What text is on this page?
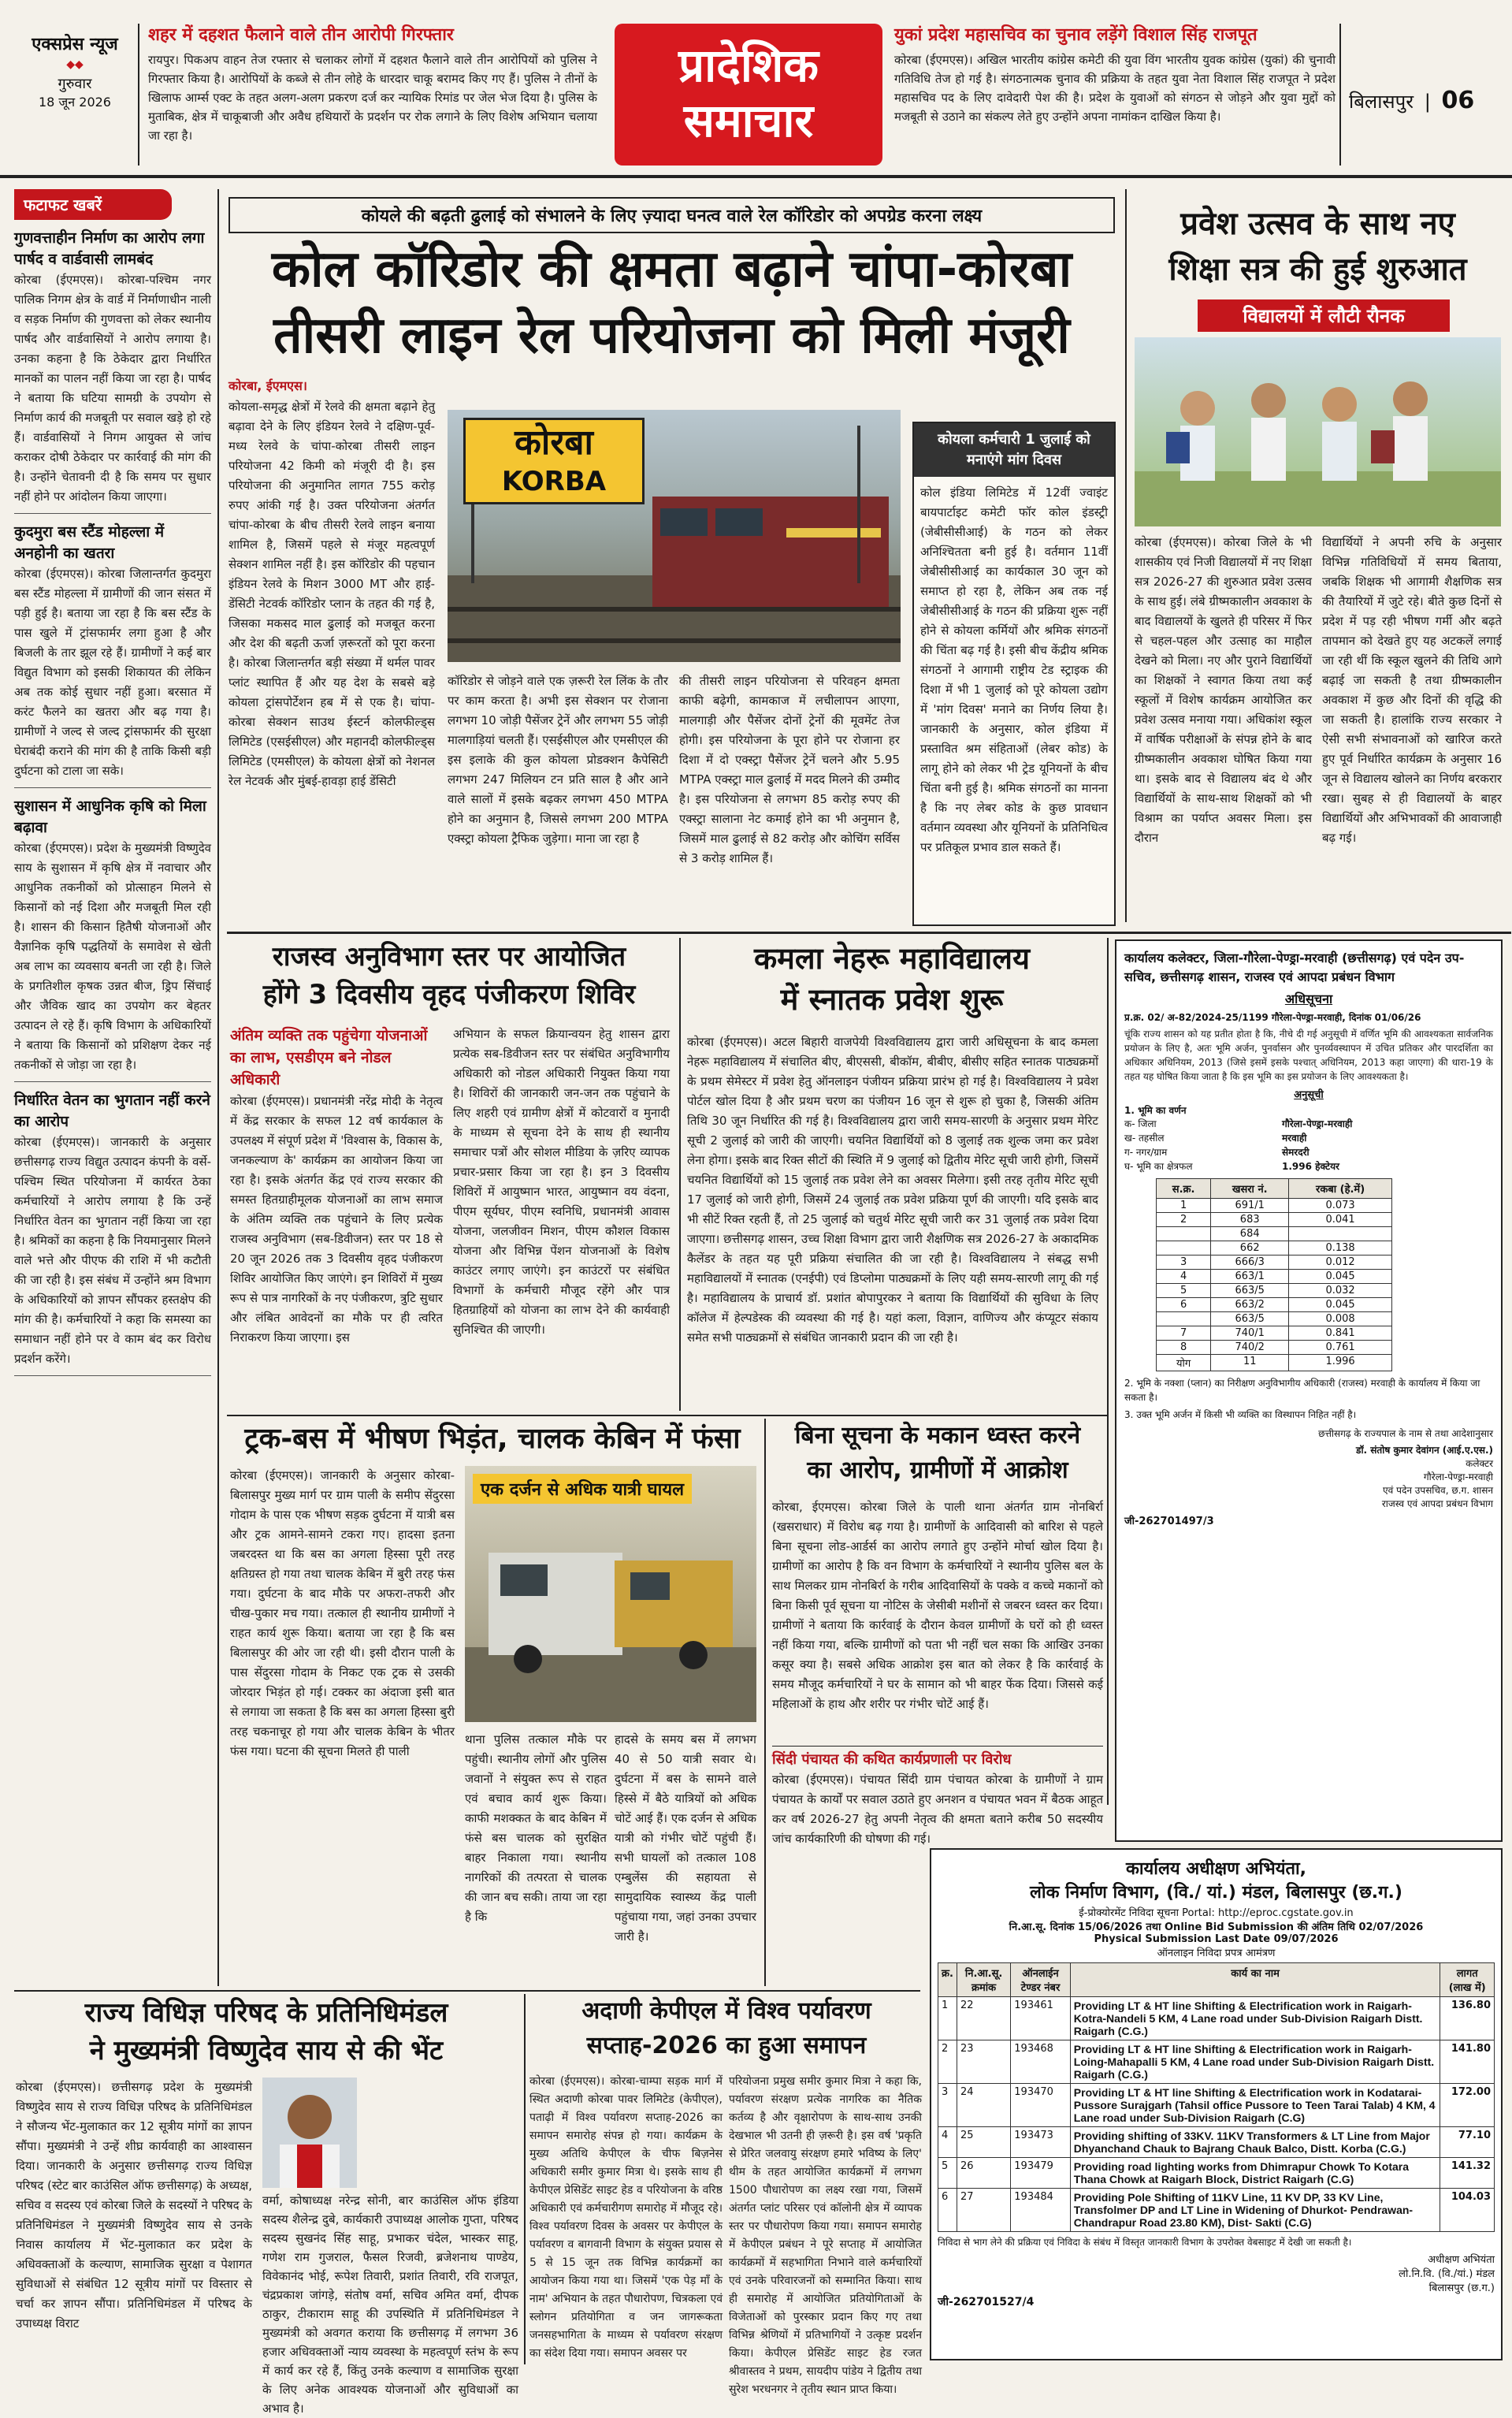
एक्सप्रेस न्यूज
◆◆
गुरुवार
18 जून 2026
शहर में दहशत फैलाने वाले तीन आरोपी गिरफ्तार
रायपुर। पिकअप वाहन तेज रफ्तार से चलाकर लोगों में दहशत फैलाने वाले तीन आरोपियों को पुलिस ने गिरफ्तार किया है। आरोपियों के कब्जे से तीन लोहे के धारदार चाकू बरामद किए गए हैं। पुलिस ने तीनों के खिलाफ आर्म्स एक्ट के तहत अलग-अलग प्रकरण दर्ज कर न्यायिक रिमांड पर जेल भेज दिया है। पुलिस के मुताबिक, क्षेत्र में चाकूबाजी और अवैध हथियारों के प्रदर्शन पर रोक लगाने के लिए विशेष अभियान चलाया जा रहा है।
प्रादेशिक
समाचार
युकां प्रदेश महासचिव का चुनाव लड़ेंगे विशाल सिंह राजपूत
कोरबा (ईएमएस)। अखिल भारतीय कांग्रेस कमेटी की युवा विंग भारतीय युवक कांग्रेस (युकां) की चुनावी गतिविधि तेज हो गई है। संगठनात्मक चुनाव की प्रक्रिया के तहत युवा नेता विशाल सिंह राजपूत ने प्रदेश महासचिव पद के लिए दावेदारी पेश की है। प्रदेश के युवाओं को संगठन से जोड़ने और युवा मुद्दों को मजबूती से उठाने का संकल्प लेते हुए उन्होंने अपना नामांकन दाखिल किया है।
बिलासपुर | 06
फटाफट खबरें
गुणवत्ताहीन निर्माण का आरोप लगा पार्षद व वार्डवासी लामबंद
कोरबा (ईएमएस)। कोरबा-पश्चिम नगर पालिक निगम क्षेत्र के वार्ड में निर्माणाधीन नाली व सड़क निर्माण की गुणवत्ता को लेकर स्थानीय पार्षद और वार्डवासियों ने आरोप लगाया है। उनका कहना है कि ठेकेदार द्वारा निर्धारित मानकों का पालन नहीं किया जा रहा है। पार्षद ने बताया कि घटिया सामग्री के उपयोग से निर्माण कार्य की मजबूती पर सवाल खड़े हो रहे हैं। वार्डवासियों ने निगम आयुक्त से जांच कराकर दोषी ठेकेदार पर कार्रवाई की मांग की है। उन्होंने चेतावनी दी है कि समय पर सुधार नहीं होने पर आंदोलन किया जाएगा।
कुदमुरा बस स्टैंड मोहल्ला में अनहोनी का खतरा
कोरबा (ईएमएस)। कोरबा जिलान्तर्गत कुदमुरा बस स्टैंड मोहल्ला में ग्रामीणों की जान संसत में पड़ी हुई है। बताया जा रहा है कि बस स्टैंड के पास खुले में ट्रांसफार्मर लगा हुआ है और बिजली के तार झूल रहे हैं। ग्रामीणों ने कई बार विद्युत विभाग को इसकी शिकायत की लेकिन अब तक कोई सुधार नहीं हुआ। बरसात में करंट फैलने का खतरा और बढ़ गया है। ग्रामीणों ने जल्द से जल्द ट्रांसफार्मर की सुरक्षा घेराबंदी कराने की मांग की है ताकि किसी बड़ी दुर्घटना को टाला जा सके।
सुशासन में आधुनिक कृषि को मिला बढ़ावा
कोरबा (ईएमएस)। प्रदेश के मुख्यमंत्री विष्णुदेव साय के सुशासन में कृषि क्षेत्र में नवाचार और आधुनिक तकनीकों को प्रोत्साहन मिलने से किसानों को नई दिशा और मजबूती मिल रही है। शासन की किसान हितैषी योजनाओं और वैज्ञानिक कृषि पद्धतियों के समावेश से खेती अब लाभ का व्यवसाय बनती जा रही है। जिले के प्रगतिशील कृषक उन्नत बीज, ड्रिप सिंचाई और जैविक खाद का उपयोग कर बेहतर उत्पादन ले रहे हैं। कृषि विभाग के अधिकारियों ने बताया कि किसानों को प्रशिक्षण देकर नई तकनीकों से जोड़ा जा रहा है।
निर्धारित वेतन का भुगतान नहीं करने का आरोप
कोरबा (ईएमएस)। जानकारी के अनुसार छत्तीसगढ़ राज्य विद्युत उत्पादन कंपनी के वर्से-पश्चिम स्थित परियोजना में कार्यरत ठेका कर्मचारियों ने आरोप लगाया है कि उन्हें निर्धारित वेतन का भुगतान नहीं किया जा रहा है। श्रमिकों का कहना है कि नियमानुसार मिलने वाले भत्ते और पीएफ की राशि में भी कटौती की जा रही है। इस संबंध में उन्होंने श्रम विभाग के अधिकारियों को ज्ञापन सौंपकर हस्तक्षेप की मांग की है। कर्मचारियों ने कहा कि समस्या का समाधान नहीं होने पर वे काम बंद कर विरोध प्रदर्शन करेंगे।
कोयले की बढ़ती ढुलाई को संभालने के लिए ज़्यादा घनत्व वाले रेल कॉरिडोर को अपग्रेड करना लक्ष्य
कोल कॉरिडोर की क्षमता बढ़ाने चांपा-कोरबा
तीसरी लाइन रेल परियोजना को मिली मंजूरी
कोरबा, ईएमएस।
कोयला-समृद्ध क्षेत्रों में रेलवे की क्षमता बढ़ाने हेतु बढ़ावा देने के लिए इंडियन रेलवे ने दक्षिण-पूर्व-मध्य रेलवे के चांपा-कोरबा तीसरी लाइन परियोजना 42 किमी को मंजूरी दी है। इस परियोजना की अनुमानित लागत 755 करोड़ रुपए आंकी गई है। उक्त परियोजना अंतर्गत चांपा-कोरबा के बीच तीसरी रेलवे लाइन बनाया शामिल है, जिसमें पहले से मंजूर महत्वपूर्ण सेक्शन शामिल नहीं है। इस कॉरिडोर की पहचान इंडियन रेलवे के मिशन 3000 MT और हाई-डेंसिटी नेटवर्क कॉरिडोर प्लान के तहत की गई है, जिसका मकसद माल ढुलाई को मजबूत करना और देश की बढ़ती ऊर्जा ज़रूरतों को पूरा करना है। कोरबा जिलान्तर्गत बड़ी संख्या में थर्मल पावर प्लांट स्थापित हैं और यह देश के सबसे बड़े कोयला ट्रांसपोर्टेशन हब में से एक है। चांपा-कोरबा सेक्शन साउथ ईस्टर्न कोलफील्ड्स लिमिटेड (एसईसीएल) और महानदी कोलफील्ड्स लिमिटेड (एमसीएल) के कोयला क्षेत्रों को नेशनल रेल नेटवर्क और मुंबई-हावड़ा हाई डेंसिटी
कोरबा
KORBA
कॉरिडोर से जोड़ने वाले एक ज़रूरी रेल लिंक के तौर पर काम करता है। अभी इस सेक्शन पर रोजाना लगभग 10 जोड़ी पैसेंजर ट्रेनें और लगभग 55 जोड़ी मालगाड़ियां चलती हैं। एसईसीएल और एमसीएल की इस इलाके की कुल कोयला प्रोडक्शन कैपेसिटी लगभग 247 मिलियन टन प्रति साल है और आने वाले सालों में इसके बढ़कर लगभग 450 MTPA होने का अनुमान है, जिससे लगभग 200 MTPA एक्स्ट्रा कोयला ट्रैफिक जुड़ेगा। माना जा रहा है
की तीसरी लाइन परियोजना से परिवहन क्षमता काफी बढ़ेगी, कामकाज में लचीलापन आएगा, मालगाड़ी और पैसेंजर दोनों ट्रेनों की मूवमेंट तेज होगी। इस परियोजना के पूरा होने पर रोजाना हर दिशा में दो एक्स्ट्रा पैसेंजर ट्रेनें चलने और 5.95 MTPA एक्स्ट्रा माल ढुलाई में मदद मिलने की उम्मीद है। इस परियोजना से लगभग 85 करोड़ रुपए की एक्स्ट्रा सालाना नेट कमाई होने का भी अनुमान है, जिसमें माल ढुलाई से 82 करोड़ और कोचिंग सर्विस से 3 करोड़ शामिल हैं।
कोयला कर्मचारी 1 जुलाई को मनाएंगे मांग दिवस
कोल इंडिया लिमिटेड में 12वीं ज्वाइंट बायपार्टाइट कमेटी फॉर कोल इंडस्ट्री (जेबीसीसीआई) के गठन को लेकर अनिश्चितता बनी हुई है। वर्तमान 11वीं जेबीसीसीआई का कार्यकाल 30 जून को समाप्त हो रहा है, लेकिन अब तक नई जेबीसीसीआई के गठन की प्रक्रिया शुरू नहीं होने से कोयला कर्मियों और श्रमिक संगठनों की चिंता बढ़ गई है। इसी बीच केंद्रीय श्रमिक संगठनों ने आगामी राष्ट्रीय टेड स्ट्राइक की दिशा में भी 1 जुलाई को पूरे कोयला उद्योग में 'मांग दिवस' मनाने का निर्णय लिया है। जानकारी के अनुसार, कोल इंडिया में प्रस्तावित श्रम संहिताओं (लेबर कोड) के लागू होने को लेकर भी ट्रेड यूनियनों के बीच चिंता बनी हुई है। श्रमिक संगठनों का मानना है कि नए लेबर कोड के कुछ प्रावधान वर्तमान व्यवस्था और यूनियनों के प्रतिनिधित्व पर प्रतिकूल प्रभाव डाल सकते हैं।
प्रवेश उत्सव के साथ नए
शिक्षा सत्र की हुई शुरुआत
विद्यालयों में लौटी रौनक
कोरबा (ईएमएस)। कोरबा जिले के भी शासकीय एवं निजी विद्यालयों में नए शिक्षा सत्र 2026-27 की शुरुआत प्रवेश उत्सव के साथ हुई। लंबे ग्रीष्मकालीन अवकाश के बाद विद्यालयों के खुलते ही परिसर में फिर से चहल-पहल और उत्साह का माहौल देखने को मिला। नए और पुराने विद्यार्थियों का शिक्षकों ने स्वागत किया तथा कई स्कूलों में विशेष कार्यक्रम आयोजित कर प्रवेश उत्सव मनाया गया। अधिकांश स्कूल में वार्षिक परीक्षाओं के संपन्न होने के बाद ग्रीष्मकालीन अवकाश घोषित किया गया था। इसके बाद से विद्यालय बंद थे और विद्यार्थियों के साथ-साथ शिक्षकों को भी विश्राम का पर्याप्त अवसर मिला। इस दौरान
विद्यार्थियों ने अपनी रुचि के अनुसार विभिन्न गतिविधियों में समय बिताया, जबकि शिक्षक भी आगामी शैक्षणिक सत्र की तैयारियों में जुटे रहे। बीते कुछ दिनों से प्रदेश में पड़ रही भीषण गर्मी और बढ़ते तापमान को देखते हुए यह अटकलें लगाई जा रही थीं कि स्कूल खुलने की तिथि आगे बढ़ाई जा सकती है तथा ग्रीष्मकालीन अवकाश में कुछ और दिनों की वृद्धि की जा सकती है। हालांकि राज्य सरकार ने ऐसी सभी संभावनाओं को खारिज करते हुए पूर्व निर्धारित कार्यक्रम के अनुसार 16 जून से विद्यालय खोलने का निर्णय बरकरार रखा। सुबह से ही विद्यालयों के बाहर विद्यार्थियों और अभिभावकों की आवाजाही बढ़ गई।
राजस्व अनुविभाग स्तर पर आयोजित
होंगे 3 दिवसीय वृहद पंजीकरण शिविर
अंतिम व्यक्ति तक पहुंचेगा योजनाओं का लाभ, एसडीएम बने नोडल अधिकारी
कोरबा (ईएमएस)। प्रधानमंत्री नरेंद्र मोदी के नेतृत्व में केंद्र सरकार के सफल 12 वर्ष कार्यकाल के उपलक्ष्य में संपूर्ण प्रदेश में 'विश्वास के, विकास के, जनकल्याण के' कार्यक्रम का आयोजन किया जा रहा है। इसके अंतर्गत केंद्र एवं राज्य सरकार की समस्त हितग्राहीमूलक योजनाओं का लाभ समाज के अंतिम व्यक्ति तक पहुंचाने के लिए प्रत्येक राजस्व अनुविभाग (सब-डिवीजन) स्तर पर 18 से 20 जून 2026 तक 3 दिवसीय वृहद पंजीकरण शिविर आयोजित किए जाएंगे। इन शिविरों में मुख्य रूप से पात्र नागरिकों के नए पंजीकरण, त्रुटि सुधार और लंबित आवेदनों का मौके पर ही त्वरित निराकरण किया जाएगा। इस
अभियान के सफल क्रियान्वयन हेतु शासन द्वारा प्रत्येक सब-डिवीजन स्तर पर संबंधित अनुविभागीय अधिकारी को नोडल अधिकारी नियुक्त किया गया है। शिविरों की जानकारी जन-जन तक पहुंचाने के लिए शहरी एवं ग्रामीण क्षेत्रों में कोटवारों व मुनादी के माध्यम से सूचना देने के साथ ही स्थानीय समाचार पत्रों और सोशल मीडिया के ज़रिए व्यापक प्रचार-प्रसार किया जा रहा है। इन 3 दिवसीय शिविरों में आयुष्मान भारत, आयुष्मान वय वंदना, पीएम सूर्यघर, पीएम स्वनिधि, प्रधानमंत्री आवास योजना, जलजीवन मिशन, पीएम कौशल विकास योजना और विभिन्न पेंशन योजनाओं के विशेष काउंटर लगाए जाएंगे। इन काउंटरों पर संबंधित विभागों के कर्मचारी मौजूद रहेंगे और पात्र हितग्राहियों को योजना का लाभ देने की कार्यवाही सुनिश्चित की जाएगी।
कमला नेहरू महाविद्यालय
में स्नातक प्रवेश शुरू
कोरबा (ईएमएस)। अटल बिहारी वाजपेयी विश्वविद्यालय द्वारा जारी अधिसूचना के बाद कमला नेहरू महाविद्यालय में संचालित बीए, बीएससी, बीकॉम, बीबीए, बीसीए सहित स्नातक पाठ्यक्रमों के प्रथम सेमेस्टर में प्रवेश हेतु ऑनलाइन पंजीयन प्रक्रिया प्रारंभ हो गई है। विश्वविद्यालय ने प्रवेश पोर्टल खोल दिया है और प्रथम चरण का पंजीयन 16 जून से शुरू हो चुका है, जिसकी अंतिम तिथि 30 जून निर्धारित की गई है। विश्वविद्यालय द्वारा जारी समय-सारणी के अनुसार प्रथम मेरिट सूची 2 जुलाई को जारी की जाएगी। चयनित विद्यार्थियों को 8 जुलाई तक शुल्क जमा कर प्रवेश लेना होगा। इसके बाद रिक्त सीटों की स्थिति में 9 जुलाई को द्वितीय मेरिट सूची जारी होगी, जिसमें चयनित विद्यार्थियों को 15 जुलाई तक प्रवेश लेने का अवसर मिलेगा। इसी तरह तृतीय मेरिट सूची 17 जुलाई को जारी होगी, जिसमें 24 जुलाई तक प्रवेश प्रक्रिया पूर्ण की जाएगी। यदि इसके बाद भी सीटें रिक्त रहती हैं, तो 25 जुलाई को चतुर्थ मेरिट सूची जारी कर 31 जुलाई तक प्रवेश दिया जाएगा। छत्तीसगढ़ शासन, उच्च शिक्षा विभाग द्वारा जारी शैक्षणिक सत्र 2026-27 के अकादमिक कैलेंडर के तहत यह पूरी प्रक्रिया संचालित की जा रही है। विश्वविद्यालय ने संबद्ध सभी महाविद्यालयों में स्नातक (एनईपी) एवं डिप्लोमा पाठ्यक्रमों के लिए यही समय-सारणी लागू की गई है। महाविद्यालय के प्राचार्य डॉ. प्रशांत बोपापुरकर ने बताया कि विद्यार्थियों की सुविधा के लिए कॉलेज में हेल्पडेस्क की व्यवस्था की गई है। यहां कला, विज्ञान, वाणिज्य और कंप्यूटर संकाय समेत सभी पाठ्यक्रमों से संबंधित जानकारी प्रदान की जा रही है।
कार्यालय कलेक्टर, जिला-गौरेला-पेण्ड्रा-मरवाही (छत्तीसगढ़) एवं पदेन उप-सचिव, छत्तीसगढ़ शासन, राजस्व एवं आपदा प्रबंधन विभाग
अधिसूचना
प्र.क्र. 02/ अ-82/2024-25/1199 गौरेला-पेण्ड्रा-मरवाही, दिनांक 01/06/26
चूंकि राज्य शासन को यह प्रतीत होता है कि, नीचे दी गई अनुसूची में वर्णित भूमि की आवश्यकता सार्वजनिक प्रयोजन के लिए है, अतः भूमि अर्जन, पुनर्वासन और पुनर्व्यवस्थापन में उचित प्रतिकर और पारदर्शिता का अधिकार अधिनियम, 2013 (जिसे इसमें इसके पश्चात् अधिनियम, 2013 कहा जाएगा) की धारा-19 के तहत यह घोषित किया जाता है कि इस भूमि का इस प्रयोजन के लिए आवश्यकता है।
अनुसूची
1. भूमि का वर्णन
क- जिला	गौरेला-पेण्ड्रा-मरवाही
ख- तहसील	मरवाही
ग- नगर/ग्राम	सेमरदरी
घ- भूमि का क्षेत्रफल	1.996 हेक्टेयर
स.क्र.	खसरा नं.	रकबा (हे.में)
1	691/1	0.073
2	683	0.041
	684	
	662	0.138
3	666/3	0.012
4	663/1	0.045
5	663/5	0.032
6	663/2	0.045
	663/5	0.008
7	740/1	0.841
8	740/2	0.761
योग	11	1.996
2. भूमि के नक्शा (प्लान) का निरीक्षण अनुविभागीय अधिकारी (राजस्व) मरवाही के कार्यालय में किया जा सकता है।
3. उक्त भूमि अर्जन में किसी भी व्यक्ति का विस्थापन निहित नहीं है।
छत्तीसगढ़ के राज्यपाल के नाम से तथा आदेशानुसार
डॉ. संतोष कुमार देवांगन (आई.ए.एस.)
कलेक्टर
गौरेला-पेण्ड्रा-मरवाही
एवं पदेन उपसचिव, छ.ग. शासन
राजस्व एवं आपदा प्रबंधन विभाग
जी-262701497/3
ट्रक-बस में भीषण भिड़ंत, चालक केबिन में फंसा
कोरबा (ईएमएस)। जानकारी के अनुसार कोरबा-बिलासपुर मुख्य मार्ग पर ग्राम पाली के समीप सेंदुरसा गोदाम के पास एक भीषण सड़क दुर्घटना में यात्री बस और ट्रक आमने-सामने टकरा गए। हादसा इतना जबरदस्त था कि बस का अगला हिस्सा पूरी तरह क्षतिग्रस्त हो गया तथा चालक केबिन में बुरी तरह फंस गया। दुर्घटना के बाद मौके पर अफरा-तफरी और चीख-पुकार मच गया। तत्काल ही स्थानीय ग्रामीणों ने राहत कार्य शुरू किया। बताया जा रहा है कि बस बिलासपुर की ओर जा रही थी। इसी दौरान पाली के पास सेंदुरसा गोदाम के निकट एक ट्रक से उसकी जोरदार भिड़ंत हो गई। टक्कर का अंदाजा इसी बात से लगाया जा सकता है कि बस का अगला हिस्सा बुरी तरह चकनाचूर हो गया और चालक केबिन के भीतर फंस गया। घटना की सूचना मिलते ही पाली
एक दर्जन से अधिक यात्री घायल
थाना पुलिस तत्काल मौके पर पहुंची। स्थानीय लोगों और पुलिस जवानों ने संयुक्त रूप से राहत एवं बचाव कार्य शुरू किया। काफी मशक्कत के बाद केबिन में फंसे बस चालक को सुरक्षित बाहर निकाला गया। स्थानीय नागरिकों की तत्परता से चालक की जान बच सकी। ताया जा रहा है कि
हादसे के समय बस में लगभग 40 से 50 यात्री सवार थे। दुर्घटना में बस के सामने वाले हिस्से में बैठे यात्रियों को अधिक चोटें आई हैं। एक दर्जन से अधिक यात्री को गंभीर चोटें पहुंची हैं। सभी घायलों को तत्काल 108 एम्बुलेंस की सहायता से सामुदायिक स्वास्थ्य केंद्र पाली पहुंचाया गया, जहां उनका उपचार जारी है।
बिना सूचना के मकान ध्वस्त करने
का आरोप, ग्रामीणों में आक्रोश
कोरबा, ईएमएस। कोरबा जिले के पाली थाना अंतर्गत ग्राम नोनबिर्रा (खसराधार) में विरोध बढ़ गया है। ग्रामीणों के आदिवासी को बारिश से पहले बिना सूचना लोड-आर्डर्स का आरोप लगाते हुए उन्होंने मोर्चा खोल दिया है। ग्रामीणों का आरोप है कि वन विभाग के कर्मचारियों ने स्थानीय पुलिस बल के साथ मिलकर ग्राम नोनबिर्रा के गरीब आदिवासियों के पक्के व कच्चे मकानों को बिना किसी पूर्व सूचना या नोटिस के जेसीबी मशीनों से जबरन ध्वस्त कर दिया। ग्रामीणों ने बताया कि कार्रवाई के दौरान केवल ग्रामीणों के घरों को ही ध्वस्त नहीं किया गया, बल्कि ग्रामीणों को पता भी नहीं चल सका कि आखिर उनका कसूर क्या है। सबसे अधिक आक्रोश इस बात को लेकर है कि कार्रवाई के समय मौजूद कर्मचारियों ने घर के सामान को भी बाहर फेंक दिया। जिससे कई महिलाओं के हाथ और शरीर पर गंभीर चोटें आई हैं।
सिंदी पंचायत की कथित कार्यप्रणाली पर विरोध
कोरबा (ईएमएस)। पंचायत सिंदी ग्राम पंचायत कोरबा के ग्रामीणों ने ग्राम पंचायत के कार्यों पर सवाल उठाते हुए अनशन व पंचायत भवन में बैठक आहूत कर वर्ष 2026-27 हेतु अपनी नेतृत्व की क्षमता बताने करीब 50 सदस्यीय जांच कार्यकारिणी की घोषणा की गई।
कार्यालय अधीक्षण अभियंता,
लोक निर्माण विभाग, (वि./ यां.) मंडल, बिलासपुर (छ.ग.)
ई-प्रोक्योरमेंट निविदा सूचना Portal: http://eproc.cgstate.gov.in
नि.आ.सू. दिनांक 15/06/2026 तथा Online Bid Submission की अंतिम तिथि 02/07/2026
Physical Submission Last Date 09/07/2026
ऑनलाइन निविदा प्रपत्र आमंत्रण
क्र.	नि.आ.सू. क्रमांक	ऑनलाईन टेण्डर नंबर	कार्य का नाम	लागत (लाख में)
1	22	193461	Providing LT & HT line Shifting & Electrification work in Raigarh-Kotra-Nandeli 5 KM, 4 Lane road under Sub-Division Raigarh Distt. Raigarh (C.G.)	136.80
2	23	193468	Providing LT & HT line Shifting & Electrification work in Raigarh-Loing-Mahapalli 5 KM, 4 Lane road under Sub-Division Raigarh Distt. Raigarh (C.G.)	141.80
3	24	193470	Providing LT & HT line Shifting & Electrification work in Kodatarai-Pussore Surajgarh (Tahsil office Pussore to Teen Tarai Talab) 4 KM, 4 Lane road under Sub-Division Raigarh (C.G)	172.00
4	25	193473	Providing shifting of 33KV. 11KV Transformers & LT Line from Major Dhyanchand Chauk to Bajrang Chauk Balco, Distt. Korba (C.G.)	77.10
5	26	193479	Providing road lighting works from Dhimrapur Chowk To Kotara Thana Chowk at Raigarh Block, District Raigarh (C.G)	141.32
6	27	193484	Providing Pole Shifting of 11KV Line, 11 KV DP, 33 KV Line, Transfolmer DP and LT Line in Widening of Dhurkot- Pendrawan-Chandrapur Road 23.80 KM), Dist- Sakti (C.G)	104.03
निविदा से भाग लेने की प्रक्रिया एवं निविदा के संबंध में विस्तृत जानकारी विभाग के उपरोक्त वेबसाइट में देखी जा सकती है।
अधीक्षण अभियंता
लो.नि.वि. (वि./यां.) मंडल
बिलासपुर (छ.ग.)
जी-262701527/4
राज्य विधिज्ञ परिषद के प्रतिनिधिमंडल
ने मुख्यमंत्री विष्णुदेव साय से की भेंट
कोरबा (ईएमएस)। छत्तीसगढ़ प्रदेश के मुख्यमंत्री विष्णुदेव साय से राज्य विधिज्ञ परिषद के प्रतिनिधिमंडल ने सौजन्य भेंट-मुलाकात कर 12 सूत्रीय मांगों का ज्ञापन सौंपा। मुख्यमंत्री ने उन्हें शीघ्र कार्यवाही का आश्वासन दिया। जानकारी के अनुसार छत्तीसगढ़ राज्य विधिज्ञ परिषद (स्टेट बार काउंसिल ऑफ छत्तीसगढ़) के अध्यक्ष, सचिव व सदस्य एवं कोरबा जिले के सदस्यों ने परिषद के प्रतिनिधिमंडल ने मुख्यमंत्री विष्णुदेव साय से उनके निवास कार्यालय में भेंट-मुलाकात कर प्रदेश के अधिवक्ताओं के कल्याण, सामाजिक सुरक्षा व पेशागत सुविधाओं से संबंधित 12 सूत्रीय मांगों पर विस्तार से चर्चा कर ज्ञापन सौंपा। प्रतिनिधिमंडल में परिषद के उपाध्यक्ष विराट
वर्मा, कोषाध्यक्ष नरेन्द्र सोनी, बार काउंसिल ऑफ इंडिया सदस्य शैलेन्द्र दुबे, कार्यकारी उपाध्यक्ष आलोक गुप्ता, परिषद सदस्य सुखनंद सिंह साहू, प्रभाकर चंदेल, भास्कर साहू, गणेश राम गुजराल, फैसल रिजवी, ब्रजेशनाथ पाण्डेय, विवेकानंद भोई, रूपेश तिवारी, प्रशांत तिवारी, रवि राजपूत, चंद्रप्रकाश जांगड़े, संतोष वर्मा, सचिव अमित वर्मा, दीपक ठाकुर, टीकाराम साहू की उपस्थिति में प्रतिनिधिमंडल ने मुख्यमंत्री को अवगत कराया कि छत्तीसगढ़ में लगभग 36 हजार अधिवक्ताओं न्याय व्यवस्था के महत्वपूर्ण स्तंभ के रूप में कार्य कर रहे हैं, किंतु उनके कल्याण व सामाजिक सुरक्षा के लिए अनेक आवश्यक योजनाओं और सुविधाओं का अभाव है।
अदाणी केपीएल में विश्व पर्यावरण
सप्ताह-2026 का हुआ समापन
कोरबा (ईएमएस)। कोरबा-चाम्पा सड़क मार्ग में स्थित अदाणी कोरबा पावर लिमिटेड (केपीएल), पताढ़ी में विश्व पर्यावरण सप्ताह-2026 का समापन समारोह संपन्न हो गया। कार्यक्रम के मुख्य अतिथि केपीएल के चीफ बिज़नेस अधिकारी समीर कुमार मित्रा थे। इसके साथ ही केपीएल प्रेसिडेंट साइट हेड व परियोजना के वरिष्ठ अधिकारी एवं कर्मचारीगण समारोह में मौजूद रहे। विश्व पर्यावरण दिवस के अवसर पर केपीएल के पर्यावरण व बागवानी विभाग के संयुक्त प्रयास से 5 से 15 जून तक विभिन्न कार्यक्रमों का आयोजन किया गया था। जिसमें 'एक पेड़ माँ के नाम' अभियान के तहत पौधारोपण, चित्रकला एवं स्लोगन प्रतियोगिता व जन जागरूकता जनसहभागिता के माध्यम से पर्यावरण संरक्षण का संदेश दिया गया। समापन अवसर पर
परियोजना प्रमुख समीर कुमार मित्रा ने कहा कि, पर्यावरण संरक्षण प्रत्येक नागरिक का नैतिक कर्तव्य है और वृक्षारोपण के साथ-साथ उनकी देखभाल भी उतनी ही ज़रूरी है। इस वर्ष 'प्रकृति से प्रेरित जलवायु संरक्षण हमारे भविष्य के लिए' थीम के तहत आयोजित कार्यक्रमों में लगभग 1500 पौधारोपण का लक्ष्य रखा गया, जिसमें अंतर्गत प्लांट परिसर एवं कॉलोनी क्षेत्र में व्यापक स्तर पर पौधारोपण किया गया। समापन समारोह में केपीएल प्रबंधन ने पूरे सप्ताह में आयोजित कार्यक्रमों में सहभागिता निभाने वाले कर्मचारियों एवं उनके परिवारजनों को सम्मानित किया। साथ ही समारोह में आयोजित प्रतियोगिताओं के विजेताओं को पुरस्कार प्रदान किए गए तथा विभिन्न श्रेणियों में प्रतिभागियों ने उत्कृष्ट प्रदर्शन किया। केपीएल प्रेसिडेंट साइट हेड रजत श्रीवास्तव ने प्रथम, सायदीप पांडेय ने द्वितीय तथा सुरेश भरधनगर ने तृतीय स्थान प्राप्त किया।
